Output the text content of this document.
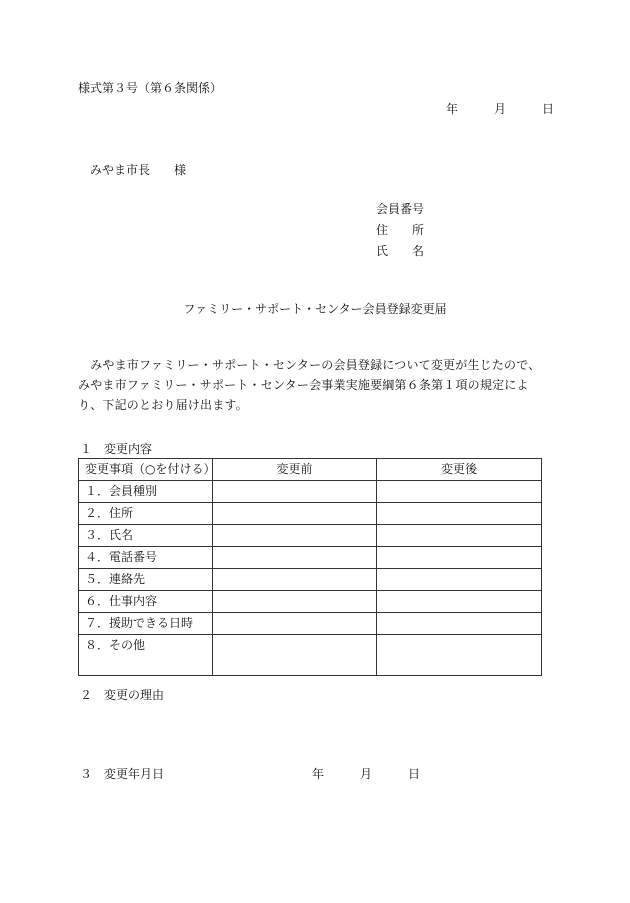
様式第３号（第６条関係）
年	月	日
みやま市長　　様
会員番号
住　　所
氏　　名
ファミリー・サポート・センター会員登録変更届
　みやま市ファミリー・サポート・センターの会員登録について変更が生じたので、みやま市ファミリー・サポート・センター会事業実施要綱第６条第１項の規定により、下記のとおり届け出ます。
１　変更内容
変更事項（○を付ける）	変更前	変更後
１．会員種別		
２．住所		
３．氏名		
４．電話番号		
５．連絡先		
６．仕事内容		
７．援助できる日時		
８．その他		
２　変更の理由
３　変更年月日	年	月	日
